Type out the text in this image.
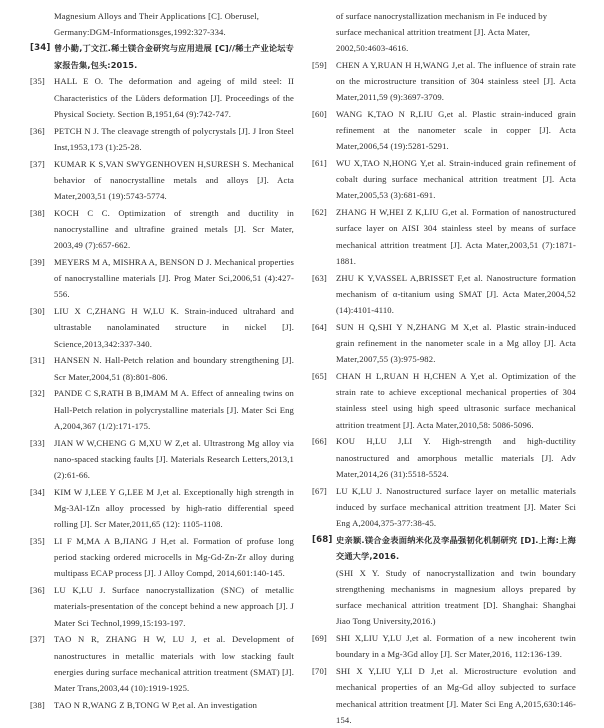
Magnesium Alloys and Their Applications [C]. Oberusel,
Germany:DGM-Informationsges,1992:327-334.
[34] 曾小勤,丁文江.稀土镁合金研究与应用进展 [C]//稀土产业论坛专家报告集,包头:2015.
[35] HALL E O. The deformation and ageing of mild steel: II Characteristics of the Lüders deformation [J]. Proceedings of the Physical Society. Section B,1951,64 (9):742-747.
[36] PETCH N J. The cleavage strength of polycrystals [J]. J Iron Steel Inst,1953,173 (1):25-28.
[37] KUMAR K S,VAN SWYGENHOVEN H,SURESH S. Mechanical behavior of nanocrystalline metals and alloys [J]. Acta Mater,2003,51 (19):5743-5774.
[38] KOCH C C. Optimization of strength and ductility in nanocrystalline and ultrafine grained metals [J]. Scr Mater, 2003,49 (7):657-662.
[39] MEYERS M A, MISHRA A, BENSON D J. Mechanical properties of nanocrystalline materials [J]. Prog Mater Sci,2006,51 (4):427-556.
[30] LIU X C,ZHANG H W,LU K. Strain-induced ultrahard and ultrastable nanolaminated structure in nickel [J]. Science,2013,342:337-340.
[31] HANSEN N. Hall-Petch relation and boundary strengthening [J]. Scr Mater,2004,51 (8):801-806.
[32] PANDE C S,RATH B B,IMAM M A. Effect of annealing twins on Hall-Petch relation in polycrystalline materials [J]. Mater Sci Eng A,2004,367 (1/2):171-175.
[33] JIAN W W,CHENG G M,XU W Z,et al. Ultrastrong Mg alloy via nano-spaced stacking faults [J]. Materials Research Letters,2013,1 (2):61-66.
[34] KIM W J,LEE Y G,LEE M J,et al. Exceptionally high strength in Mg-3Al-1Zn alloy processed by high-ratio differential speed rolling [J]. Scr Mater,2011,65 (12): 1105-1108.
[35] LI F M,MA A B,JIANG J H,et al. Formation of profuse long period stacking ordered microcells in Mg-Gd-Zn-Zr alloy during multipass ECAP process [J]. J Alloy Compd, 2014,601:140-145.
[36] LU K,LU J. Surface nanocrystallization (SNC) of metallic materials-presentation of the concept behind a new approach [J]. J Mater Sci Technol,1999,15:193-197.
[37] TAO N R, ZHANG H W, LU J, et al. Development of nanostructures in metallic materials with low stacking fault energies during surface mechanical attrition treatment (SMAT) [J]. Mater Trans,2003,44 (10):1919-1925.
[38] TAO N R,WANG Z B,TONG W P,et al. An investigation
of surface nanocrystallization mechanism in Fe induced by
surface mechanical attrition treatment [J]. Acta Mater,
2002,50:4603-4616.
[59] CHEN A Y,RUAN H H,WANG J,et al. The influence of strain rate on the microstructure transition of 304 stainless steel [J]. Acta Mater,2011,59 (9):3697-3709.
[60] WANG K,TAO N R,LIU G,et al. Plastic strain-induced grain refinement at the nanometer scale in copper [J]. Acta Mater,2006,54 (19):5281-5291.
[61] WU X,TAO N,HONG Y,et al. Strain-induced grain refinement of cobalt during surface mechanical attrition treatment [J]. Acta Mater,2005,53 (3):681-691.
[62] ZHANG H W,HEI Z K,LIU G,et al. Formation of nanostructured surface layer on AISI 304 stainless steel by means of surface mechanical attrition treatment [J]. Acta Mater,2003,51 (7):1871-1881.
[63] ZHU K Y,VASSEL A,BRISSET F,et al. Nanostructure formation mechanism of α-titanium using SMAT [J]. Acta Mater,2004,52 (14):4101-4110.
[64] SUN H Q,SHI Y N,ZHANG M X,et al. Plastic strain-induced grain refinement in the nanometer scale in a Mg alloy [J]. Acta Mater,2007,55 (3):975-982.
[65] CHAN H L,RUAN H H,CHEN A Y,et al. Optimization of the strain rate to achieve exceptional mechanical properties of 304 stainless steel using high speed ultrasonic surface mechanical attrition treatment [J]. Acta Mater,2010,58: 5086-5096.
[66] KOU H,LU J,LI Y. High-strength and high-ductility nanostructured and amorphous metallic materials [J]. Adv Mater,2014,26 (31):5518-5524.
[67] LU K,LU J. Nanostructured surface layer on metallic materials induced by surface mechanical attrition treatment [J]. Mater Sci Eng A,2004,375-377:38-45.
[68] 史亲颖.镁合金表面纳米化及孪晶强韧化机制研究 [D].上海:上海交通大学,2016.
(SHI X Y. Study of nanocrystallization and twin boundary strengthening mechanisms in magnesium alloys prepared by surface mechanical attrition treatment [D]. Shanghai: Shanghai Jiao Tong University,2016.)
[69] SHI X,LIU Y,LU J,et al. Formation of a new incoherent twin boundary in a Mg-3Gd alloy [J]. Scr Mater,2016, 112:136-139.
[70] SHI X Y,LIU Y,LI D J,et al. Microstructure evolution and mechanical properties of an Mg-Gd alloy subjected to surface mechanical attrition treatment [J]. Mater Sci Eng A,2015,630:146-154.
